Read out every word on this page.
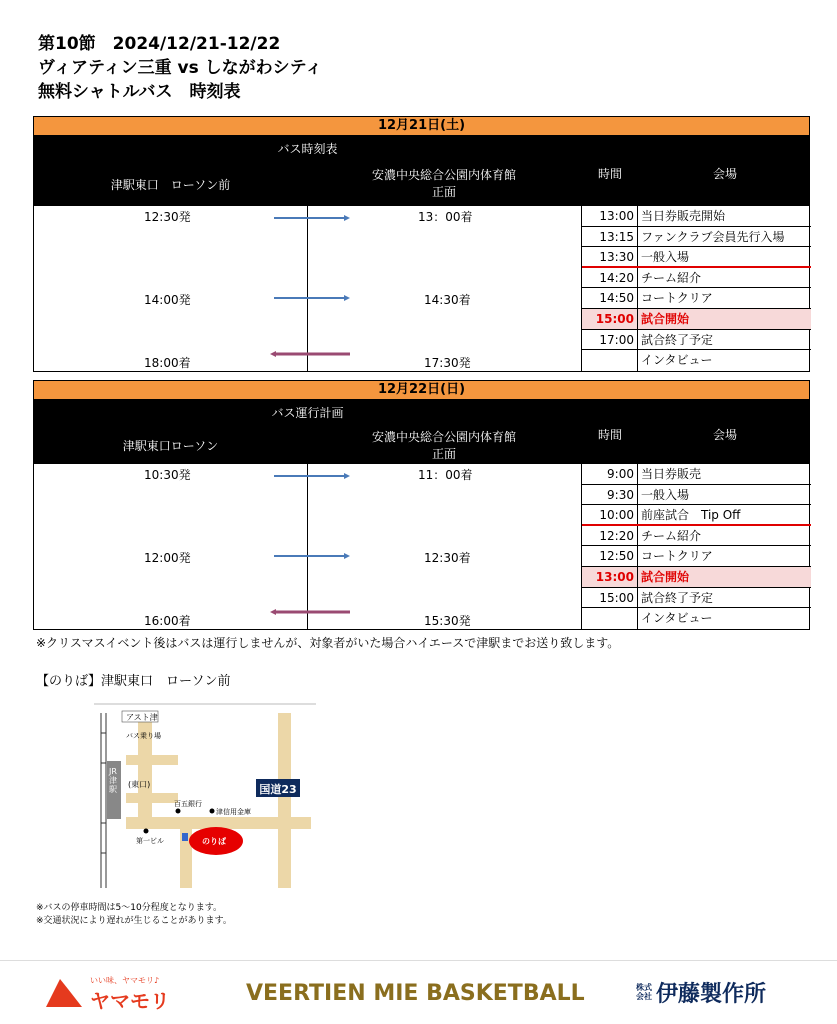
第10節　2024/12/21-12/22
ヴィアティン三重 vs しながわシティ
無料シャトルバス　時刻表
12月21日(土)
バス時刻表
津駅東口　ローソン前
安濃中央総合公園内体育館
正面
時間	会場
12:30発	13：00着
14:00発	14:30着
18:00着	17:30発
13:00 当日券販売開始
13:15 ファンクラブ会員先行入場
13:30 一般入場
14:20 チーム紹介
14:50 コートクリア
15:00 試合開始
17:00 試合終了予定
インタビュー
12月22日(日)
バス運行計画
津駅東口ローソン
安濃中央総合公園内体育館
正面
時間	会場
10:30発	11：00着
12:00発	12:30着
16:00着	15:30発
9:00 当日券販売
9:30 一般入場
10:00 前座試合　Tip Off
12:20 チーム紹介
12:50 コートクリア
13:00 試合開始
15:00 試合終了予定
インタビュー
※クリスマスイベント後はバスは運行しませんが、対象者がいた場合ハイエースで津駅までお送り致します。
【のりば】津駅東口　ローソン前
アスト津
バス乗り場
JR津駅
(東口)
百五銀行
津信用金庫
国道23
第一ビル	のりば
※バスの停車時間は5〜10分程度となります。
※交通状況により遅れが生じることがあります。
いい味、ヤマモリ♪
ヤマモリ	VEERTIEN MIE BASKETBALL	株式会社 伊藤製作所
